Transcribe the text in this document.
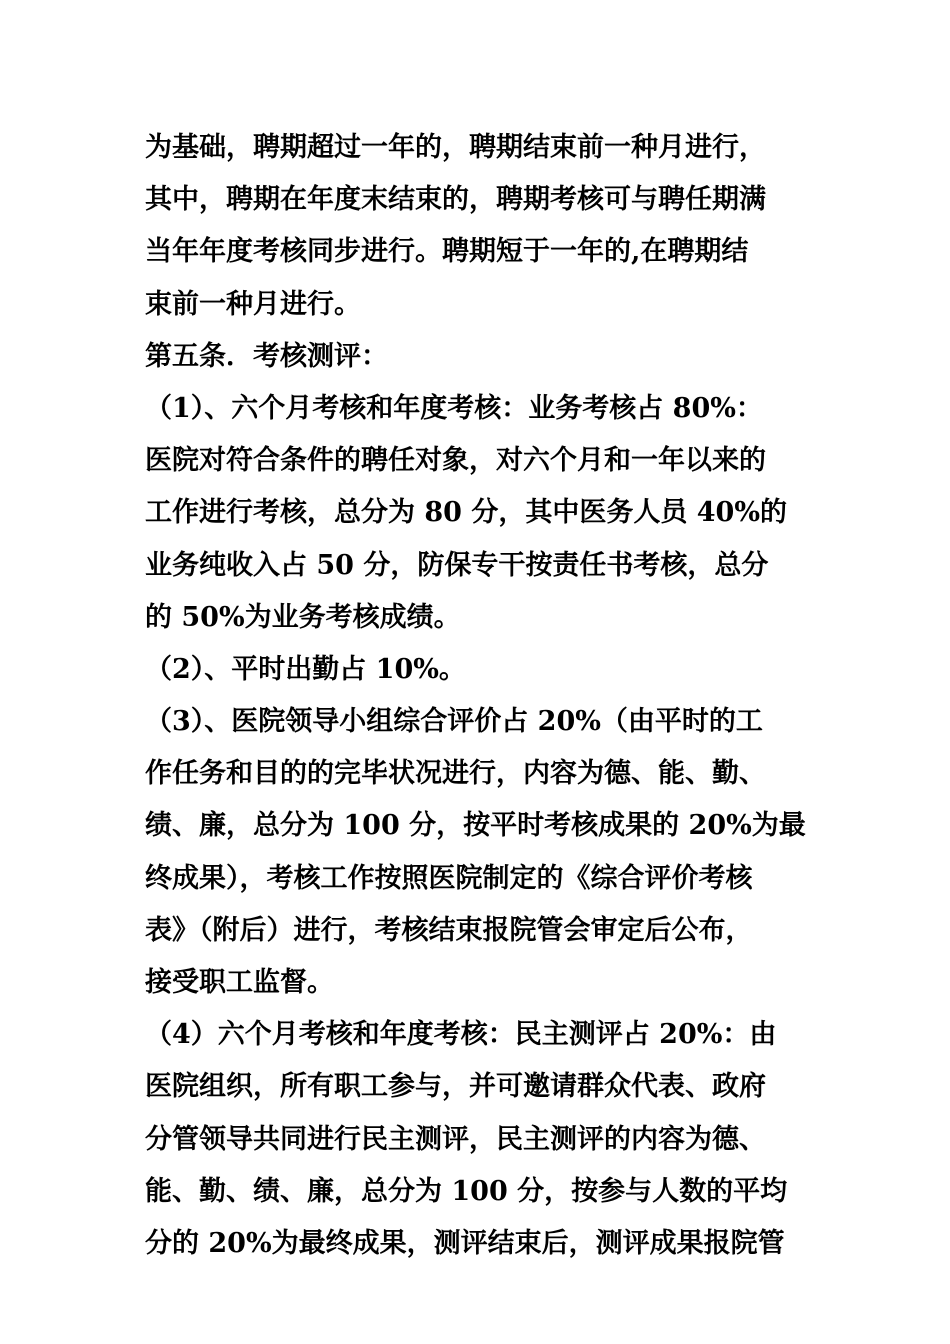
为基础，聘期超过一年的，聘期结束前一种月进行，
其中，聘期在年度末结束的，聘期考核可与聘任期满
当年年度考核同步进行。聘期短于一年的,在聘期结
束前一种月进行。
第五条．考核测评：
（1）、六个月考核和年度考核：业务考核占 80%：
医院对符合条件的聘任对象，对六个月和一年以来的
工作进行考核，总分为 80 分，其中医务人员 40%的
业务纯收入占 50 分，防保专干按责任书考核，总分
的 50%为业务考核成绩。
（2）、平时出勤占 10%。
（3）、医院领导小组综合评价占 20%（由平时的工
作任务和目的的完毕状况进行，内容为德、能、勤、
绩、廉，总分为 100 分，按平时考核成果的 20%为最
终成果），考核工作按照医院制定的《综合评价考核
表》（附后）进行，考核结束报院管会审定后公布，
接受职工监督。
（4）六个月考核和年度考核：民主测评占 20%：由
医院组织，所有职工参与，并可邀请群众代表、政府
分管领导共同进行民主测评，民主测评的内容为德、
能、勤、绩、廉，总分为 100 分，按参与人数的平均
分的 20%为最终成果，测评结束后，测评成果报院管
